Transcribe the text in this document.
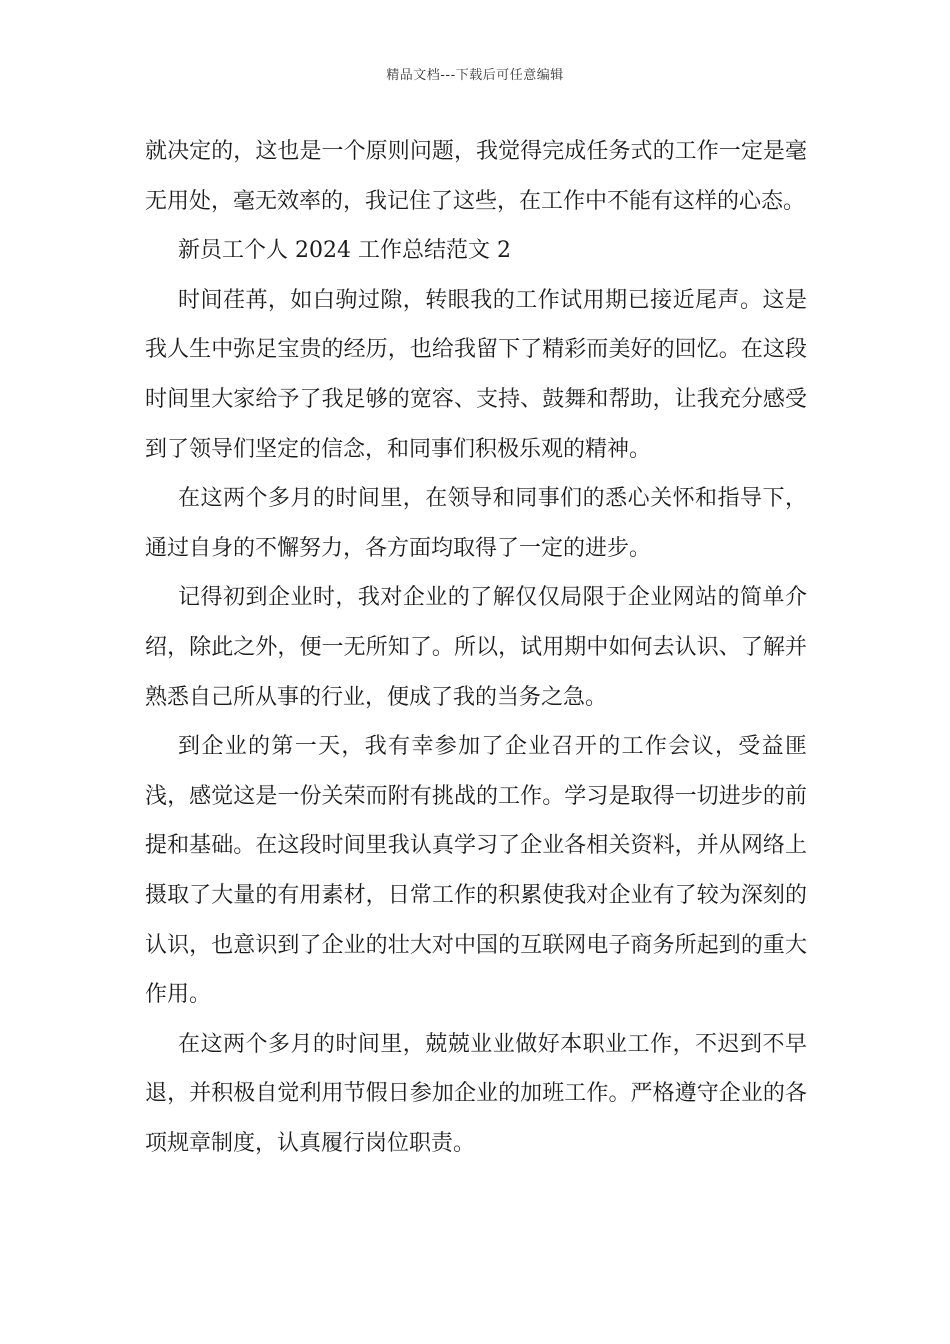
精品文档---下载后可任意编辑

就决定的，这也是一个原则问题，我觉得完成任务式的工作一定是毫无用处，毫无效率的，我记住了这些，在工作中不能有这样的心态。

新员工个人 2024 工作总结范文 2

时间荏苒，如白驹过隙，转眼我的工作试用期已接近尾声。这是我人生中弥足宝贵的经历，也给我留下了精彩而美好的回忆。在这段时间里大家给予了我足够的宽容、支持、鼓舞和帮助，让我充分感受到了领导们坚定的信念，和同事们积极乐观的精神。

在这两个多月的时间里，在领导和同事们的悉心关怀和指导下，通过自身的不懈努力，各方面均取得了一定的进步。

记得初到企业时，我对企业的了解仅仅局限于企业网站的简单介绍，除此之外，便一无所知了。所以，试用期中如何去认识、了解并熟悉自己所从事的行业，便成了我的当务之急。

到企业的第一天，我有幸参加了企业召开的工作会议，受益匪浅，感觉这是一份关荣而附有挑战的工作。学习是取得一切进步的前提和基础。在这段时间里我认真学习了企业各相关资料，并从网络上摄取了大量的有用素材，日常工作的积累使我对企业有了较为深刻的认识，也意识到了企业的壮大对中国的互联网电子商务所起到的重大作用。

在这两个多月的时间里，兢兢业业做好本职业工作，不迟到不早退，并积极自觉利用节假日参加企业的加班工作。严格遵守企业的各项规章制度，认真履行岗位职责。
